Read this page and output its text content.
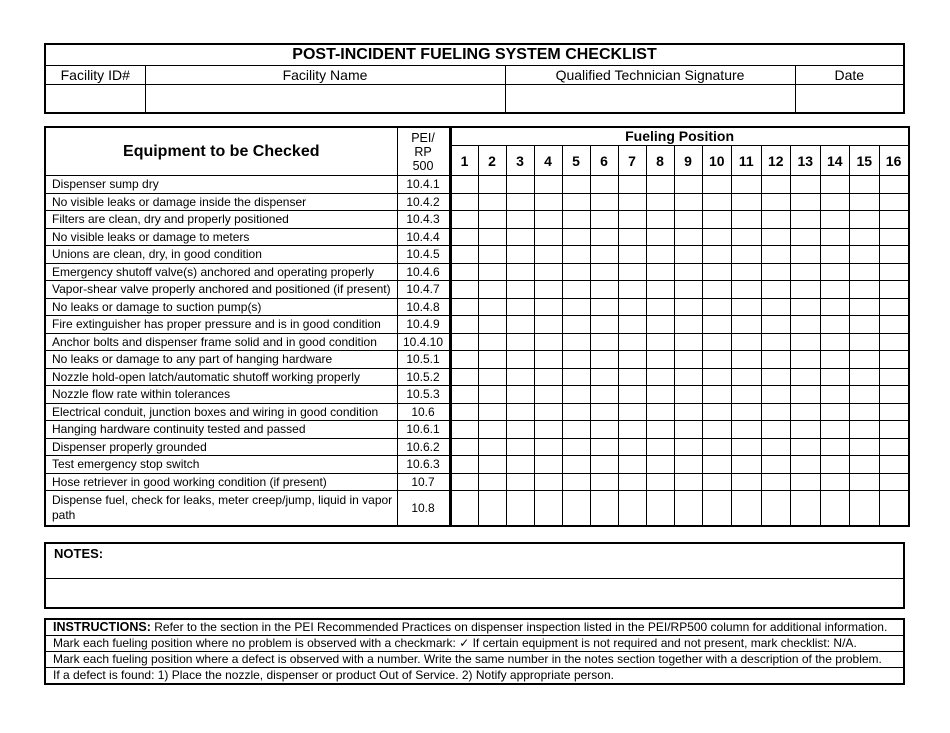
POST-INCIDENT FUELING SYSTEM CHECKLIST			
Facility ID#	Facility Name	Qualified Technician Signature	Date

Equipment to be Checked	PEI/
RP
500	Fueling Position															
		1	2	3	4	5	6	7	8	9	10	11	12	13	14	15	16
Dispenser sump dry	10.4.1																
No visible leaks or damage inside the dispenser	10.4.2																
Filters are clean, dry and properly positioned	10.4.3																
No visible leaks or damage to meters	10.4.4																
Unions are clean, dry, in good condition	10.4.5																
Emergency shutoff valve(s) anchored and operating properly	10.4.6																
Vapor-shear valve properly anchored and positioned (if present)	10.4.7																
No leaks or damage to suction pump(s)	10.4.8																
Fire extinguisher has proper pressure and is in good condition	10.4.9																
Anchor bolts and dispenser frame solid and in good condition	10.4.10																
No leaks or damage to any part of hanging hardware	10.5.1																
Nozzle hold-open latch/automatic shutoff working properly	10.5.2																
Nozzle flow rate within tolerances	10.5.3																
Electrical conduit, junction boxes and wiring in good condition	10.6																
Hanging hardware continuity tested and passed	10.6.1																
Dispenser properly grounded	10.6.2																
Test emergency stop switch	10.6.3																
Hose retriever in good working condition (if present)	10.7																
Dispense fuel, check for leaks, meter creep/jump, liquid in vapor path	10.8																
NOTES:

INSTRUCTIONS: Refer to the section in the PEI Recommended Practices on dispenser inspection listed in the PEI/RP500 column for additional information.
Mark each fueling position where no problem is observed with a checkmark: ✓ If certain equipment is not required and not present, mark checklist: N/A.
Mark each fueling position where a defect is observed with a number. Write the same number in the notes section together with a description of the problem.
If a defect is found: 1) Place the nozzle, dispenser or product Out of Service. 2) Notify appropriate person.
